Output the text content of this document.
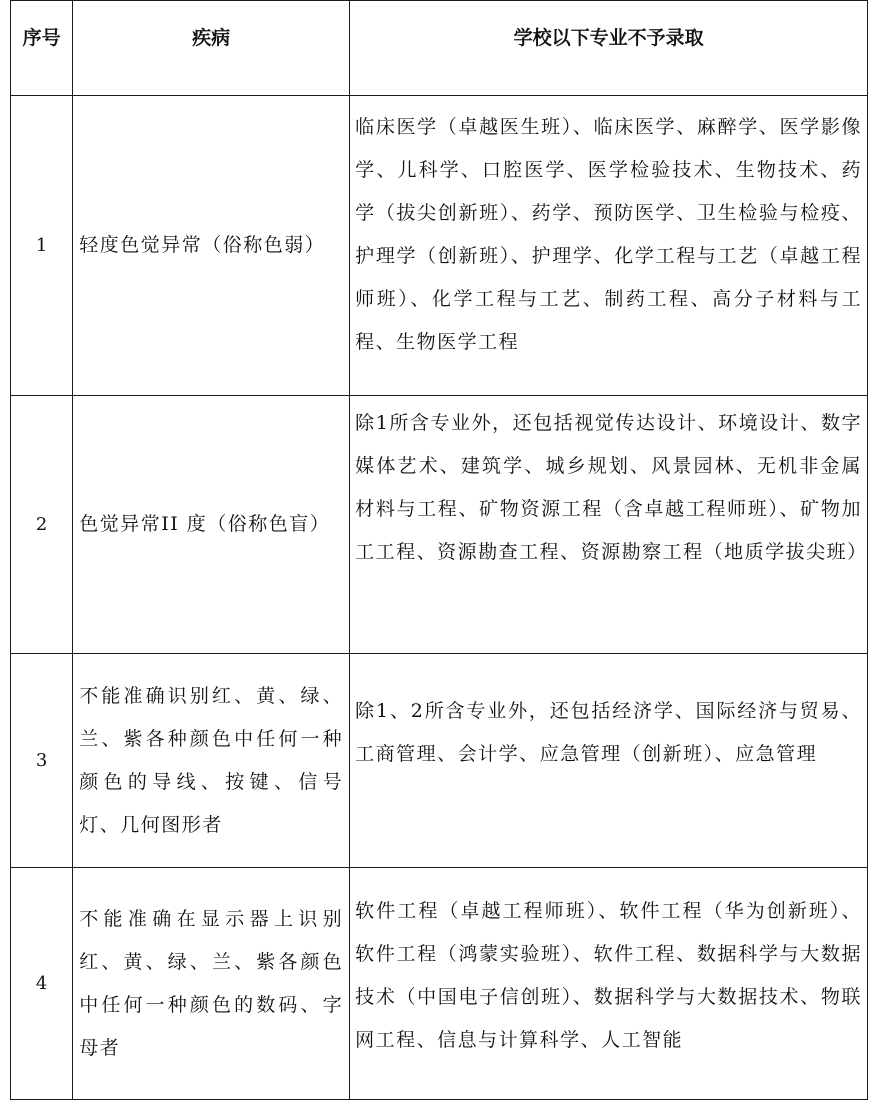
序号	疾病	学校以下专业不予录取
1	轻度色觉异常（俗称色弱）	临床医学（卓越医生班）、临床医学、麻醉学、医学影像学、儿科学、口腔医学、医学检验技术、生物技术、药学（拔尖创新班）、药学、预防医学、卫生检验与检疫、护理学（创新班）、护理学、化学工程与工艺（卓越工程师班）、化学工程与工艺、制药工程、高分子材料与工程、生物医学工程
2	色觉异常II 度（俗称色盲）	除1所含专业外，还包括视觉传达设计、环境设计、数字媒体艺术、建筑学、城乡规划、风景园林、无机非金属材料与工程、矿物资源工程（含卓越工程师班）、矿物加工工程、资源勘查工程、资源勘察工程（地质学拔尖班）
3	不能准确识别红、黄、绿、兰、紫各种颜色中任何一种颜色的导线、按键、信号灯、几何图形者	除1、2所含专业外，还包括经济学、国际经济与贸易、工商管理、会计学、应急管理（创新班）、应急管理
4	不能准确在显示器上识别红、黄、绿、兰、紫各颜色中任何一种颜色的数码、字母者	软件工程（卓越工程师班）、软件工程（华为创新班）、软件工程（鸿蒙实验班）、软件工程、数据科学与大数据技术（中国电子信创班）、数据科学与大数据技术、物联网工程、信息与计算科学、人工智能
